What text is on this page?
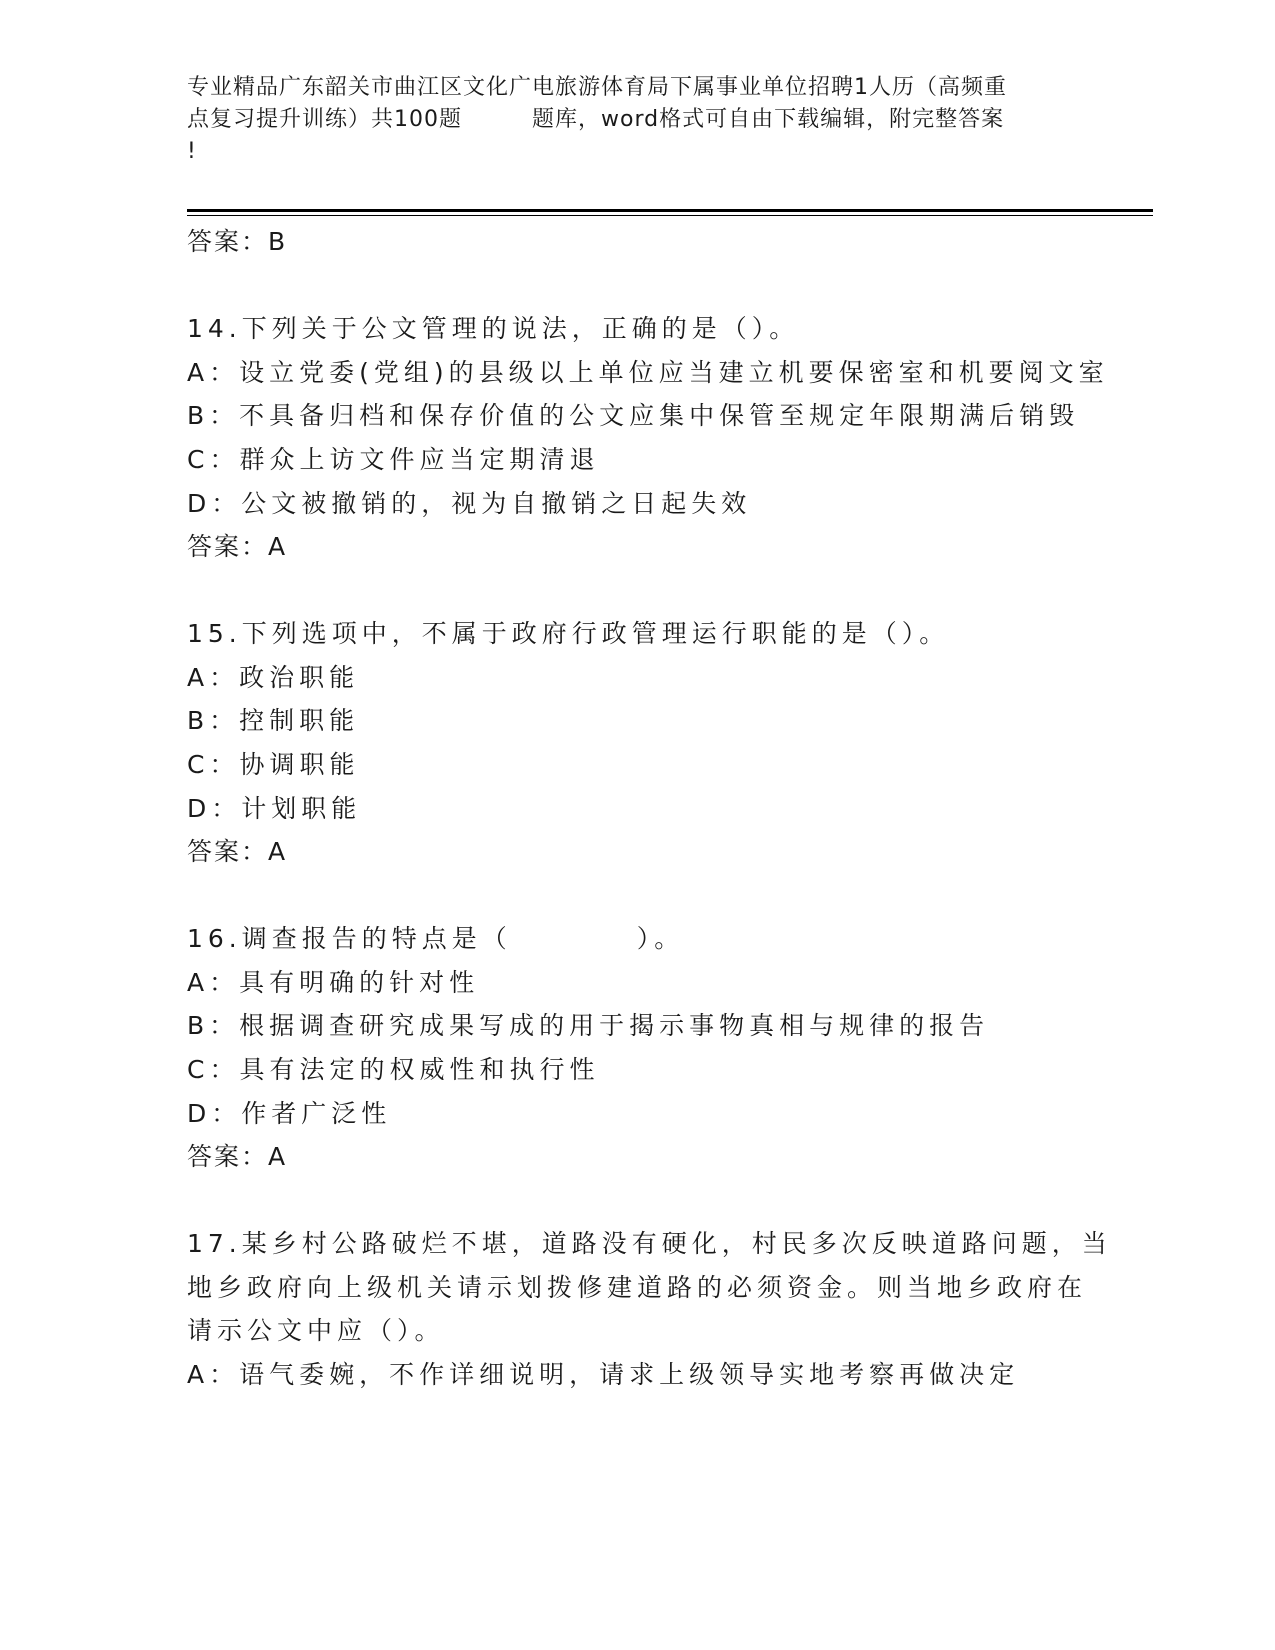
专业精品广东韶关市曲江区文化广电旅游体育局下属事业单位招聘1人历（高频重
点复习提升训练）共100题	题库，word格式可自由下载编辑，附完整答案
!
答案：B
14.下列关于公文管理的说法，正确的是（）。
A：设立党委(党组)的县级以上单位应当建立机要保密室和机要阅文室
B：不具备归档和保存价值的公文应集中保管至规定年限期满后销毁
C：群众上访文件应当定期清退
D：公文被撤销的，视为自撤销之日起失效
答案：A
15.下列选项中，不属于政府行政管理运行职能的是（）。
A：政治职能
B：控制职能
C：协调职能
D：计划职能
答案：A
16.调查报告的特点是（	）。
A：具有明确的针对性
B：根据调查研究成果写成的用于揭示事物真相与规律的报告
C：具有法定的权威性和执行性
D：作者广泛性
答案：A
17.某乡村公路破烂不堪，道路没有硬化，村民多次反映道路问题，当
地乡政府向上级机关请示划拨修建道路的必须资金。则当地乡政府在
请示公文中应（）。
A：语气委婉，不作详细说明，请求上级领导实地考察再做决定
